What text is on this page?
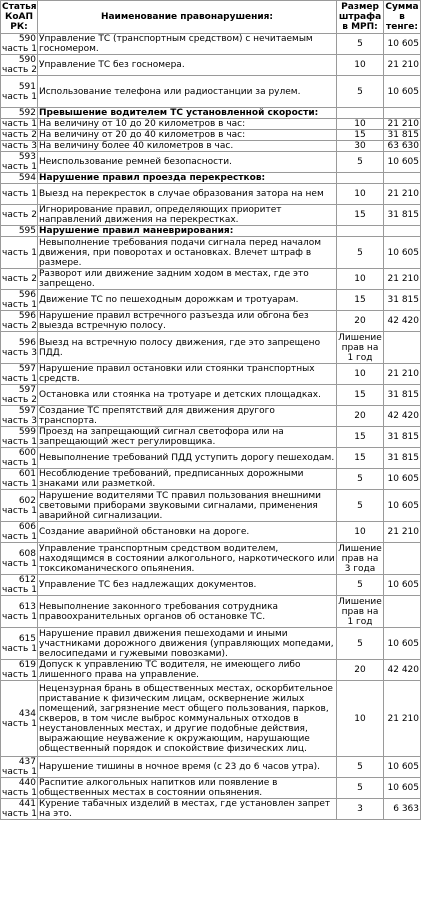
Статья КоАП РК:	Наименование правонарушения:	Размер штрафа в МРП:	Сумма в тенге:

590
часть 1	Управление ТС (транспортным средством) с нечитаемым госномером.	5	10 605

590
часть 2	Управление ТС без госномера.	10	21 210

591
часть 1	Использование телефона или радиостанции за рулем.	5	10 605

592	Превышение водителем ТС установленной скорости:		

часть 1	На величину от 10 до 20 километров в час:	10	21 210

часть 2	На величину от 20 до 40 километров в час:	15	31 815

часть 3	На величину более 40 километров в час.	30	63 630

593
часть 1	Неиспользование ремней безопасности.	5	10 605

594	Нарушение правил проезда перекрестков:		

часть 1	Выезд на перекресток в случае образования затора на нем	10	21 210

часть 2	Игнорирование правил, определяющих приоритет направлений движения на перекрестках.	15	31 815

595	Нарушение правил маневрирования:		

часть 1	Невыполнение требования подачи сигнала перед началом движения, при поворотах и остановках. Влечет штраф в размере.	5	10 605

часть 2	Разворот или движение задним ходом в местах, где это запрещено.	10	21 210

596
часть 1	Движение ТС по пешеходным дорожкам и тротуарам.	15	31 815

596
часть 2	Нарушение правил встречного разъезда или обгона без выезда встречную полосу.	20	42 420

596
часть 3	Выезд на встречную полосу движения, где это запрещено ПДД.	Лишение прав на 1 год	

597
часть 1	Нарушение правил остановки или стоянки транспортных средств.	10	21 210

597
часть 2	Остановка или стоянка на тротуаре и детских площадках.	15	31 815

597
часть 3	Создание ТС препятствий для движения другого транспорта.	20	42 420

599
часть 1	Проезд на запрещающий сигнал светофора или на запрещающий жест регулировщика.	15	31 815

600
часть 1	Невыполнение требований ПДД уступить дорогу пешеходам.	15	31 815

601
часть 1	Несоблюдение требований, предписанных дорожными знаками или разметкой.	5	10 605

602
часть 1	Нарушение водителями ТС правил пользования внешними световыми приборами звуковыми сигналами, применения аварийной сигнализации.	5	10 605

606
часть 1	Создание аварийной обстановки на дороге.	10	21 210

608
часть 1	Управление транспортным средством водителем, находящимся в состоянии алкогольного, наркотического или токсикоманического опьянения.	Лишение прав на 3 года	

612
часть 1	Управление ТС без надлежащих документов.	5	10 605

613
часть 1	Невыполнение законного требования сотрудника правоохранительных органов об остановке ТС.	Лишение прав на 1 год	

615
часть 1	Нарушение правил движения пешеходами и иными участниками дорожного движения (управляющих мопедами, велосипедами и гужевыми повозками).	5	10 605

619
часть 1	Допуск к управлению ТС водителя, не имеющего либо лишенного права на управление.	20	42 420

434
часть 1	Нецензурная брань в общественных местах, оскорбительное приставание к физическим лицам, осквернение жилых помещений, загрязнение мест общего пользования, парков, скверов, в том числе выброс коммунальных отходов в неустановленных местах, и другие подобные действия, выражающие неуважение к окружающим, нарушающие общественный порядок и спокойствие физических лиц.	10	21 210

437
часть 1	Нарушение тишины в ночное время (с 23 до 6 часов утра).	5	10 605

440
часть 1	Распитие алкогольных напитков или появление в общественных местах в состоянии опьянения.	5	10 605

441
часть 1	Курение табачных изделий в местах, где установлен запрет на это.	3	6 363
